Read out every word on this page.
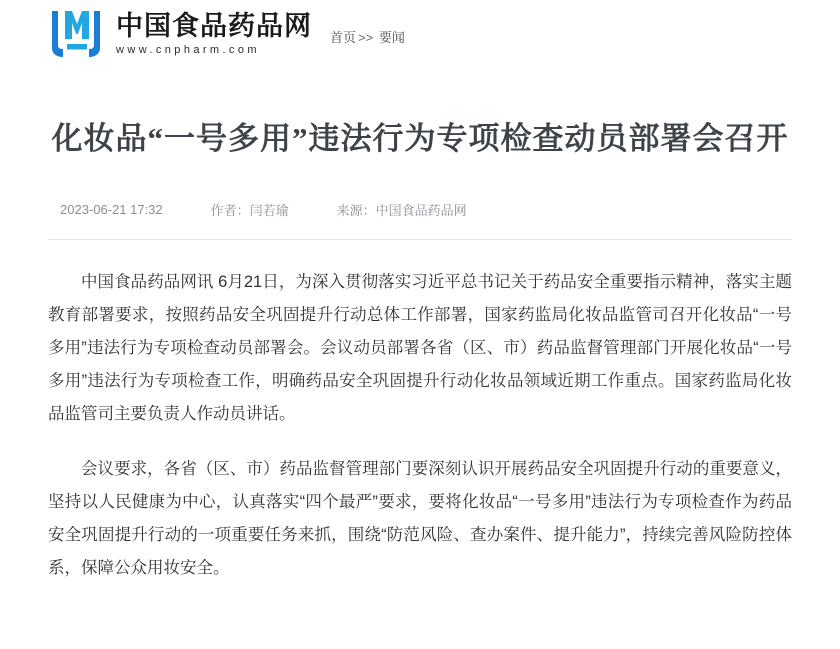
中国食品药品网
www.cnpharm.com
首页 >> 要闻
化妆品“一号多用”违法行为专项检查动员部署会召开
2023-06-21 17:32	作者：闫若瑜	来源：中国食品药品网

中国食品药品网讯 6月21日，为深入贯彻落实习近平总书记关于药品安全重要指示精神，落实主题教育部署要求，按照药品安全巩固提升行动总体工作部署，国家药监局化妆品监管司召开化妆品“一号多用”违法行为专项检查动员部署会。会议动员部署各省（区、市）药品监督管理部门开展化妆品“一号多用”违法行为专项检查工作，明确药品安全巩固提升行动化妆品领域近期工作重点。国家药监局化妆品监管司主要负责人作动员讲话。

会议要求，各省（区、市）药品监督管理部门要深刻认识开展药品安全巩固提升行动的重要意义，坚持以人民健康为中心，认真落实“四个最严”要求，要将化妆品“一号多用”违法行为专项检查作为药品安全巩固提升行动的一项重要任务来抓，围绕“防范风险、查办案件、提升能力”，持续完善风险防控体系，保障公众用妆安全。
